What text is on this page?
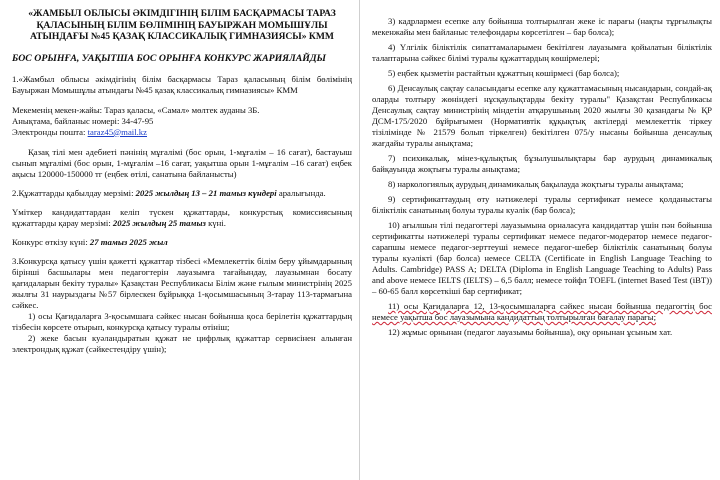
«ЖАМБЫЛ ОБЛЫСЫ ӘКІМДІГІНІҢ БІЛІМ БАСҚАРМАСЫ ТАРАЗ ҚАЛАСЫНЫҢ БІЛІМ БӨЛІМІНІҢ БАУЫРЖАН МОМЫШҰЛЫ АТЫНДАҒЫ №45 ҚАЗАҚ КЛАССИКАЛЫҚ ГИМНАЗИЯСЫ» КММ

БОС ОРЫНҒА, УАҚЫТША БОС ОРЫНҒА КОНКУРС ЖАРИЯЛАЙДЫ

1.«Жамбыл облысы әкімдігінің білім басқармасы Тараз қаласының білім бөлімінің Бауыржан Момышұлы атындағы №45 қазақ классикалық гимназиясы» КММ

Мекеменің мекен-жайы: Тараз қаласы, «Самал» мөлтек ауданы 3Б.

Анықтама, байланыс номері: 34-47-95

Электронды пошта: taraz45@mail.kz

Қазақ тілі мен әдебиеті пәнінің мұғалімі (бос орын, 1-мұғалім – 16 сағат), бастауыш сынып мұғалімі (бос орын, 1-мұғалім –16 сағат, уақытша орын 1-мұғалім –16 сағат) еңбек ақысы 120000-150000 тг (еңбек өтілі, санатына байланысты)

2.Құжаттарды қабылдау мерзімі: 2025 жылдың 13 – 21 тамыз күндері аралығында.

Үміткер кандидаттардан келіп түскен құжаттарды, конкурстық комиссиясының құжаттарды қарау мерзімі: 2025 жылдың 25 тамыз күні.

Конкурс өткізу күні: 27 тамыз 2025 жыл

3.Конкурсқа қатысу үшін қажетті құжаттар тізбесі «Мемлекеттік білім беру ұйымдарының бірінші басшылары мен педагогтерін лауазымға тағайындау, лауазымнан босату қағидаларын бекіту туралы» Қазақстан Республикасы Білім және ғылым министрінің 2025 жылғы 31 наурыздағы №57 бірлескен бұйрыққа 1-қосымшасының 3-тарау 113-тармағына сәйкес.

1) осы Қағидаларға 3-қосымшаға сәйкес нысан бойынша қоса берілетін құжаттардың тізбесін көрсете отырып, конкурсқа қатысу туралы өтініш;

2) жеке басын куәландыратын құжат не цифрлық құжаттар сервисінен алынған электрондық құжат (сәйкестендіру үшін);

3) кадрлармен есепке алу бойынша толтырылған жеке іс парағы (нақты тұрғылықты мекенжайы мен байланыс телефондары көрсетілген – бар болса);

4) Үлгілік біліктілік сипаттамаларымен бекітілген лауазымға қойылатын біліктілік талаптарына сәйкес білімі туралы құжаттардың көшірмелері;

5) еңбек қызметін растайтын құжаттың көшірмесі (бар болса);

6) Денсаулық сақтау саласындағы есепке алу құжаттамасының нысандарын, сондай-ақ оларды толтыру жөніндегі нұсқаулықтарды бекіту туралы" Қазақстан Республикасы Денсаулық сақтау министрінің міндетін атқарушының 2020 жылғы 30 қазандағы № ҚР ДСМ-175/2020 бұйрығымен (Нормативтік құқықтық актілерді мемлекеттік тіркеу тізілімінде № 21579 болып тіркелген) бекітілген 075/у нысаны бойынша денсаулық жағдайы туралы анықтама;

7) психикалық, мінез-құлықтық бұзылушылықтары бар аурудың динамикалық байқауында жоқтығы туралы анықтама;

8) наркологиялық аурудың динамикалық бақылауда жоқтығы туралы анықтама;

9) сертификаттаудың өту нәтижелері туралы сертификат немесе қолданыстағы біліктілік санатының болуы туралы куәлік (бар болса);

10) ағылшын тілі педагогтері лауазымына орналасуға кандидаттар үшін пән бойынша сертификатты нәтижелері туралы сертификат немесе педагог-модератор немесе педагог-сарапшы немесе педагог-зерттеуші немесе педагог-шебер біліктілік санатының болуы туралы куәлікті (бар болса) немесе CELTA (Certificate in English Language Teaching to Adults. Cambridge) PASS A; DELTA (Diploma in English Language Teaching to Adults) Pass and above немесе IELTS (IELTS) – 6,5 балл; немесе тойфл TOEFL (internet Based Test (iBT)) – 60-65 балл көрсеткіші бар сертификат;

11) осы Қағидаларға 12, 13-қосымшаларға сәйкес нысан бойынша педагогтің бос немесе уақытша бос лауазымына кандидаттың толтырылған бағалау парағы;

12) жұмыс орнынан (педагог лауазымы бойынша), оқу орнынан ұсыным хат.
